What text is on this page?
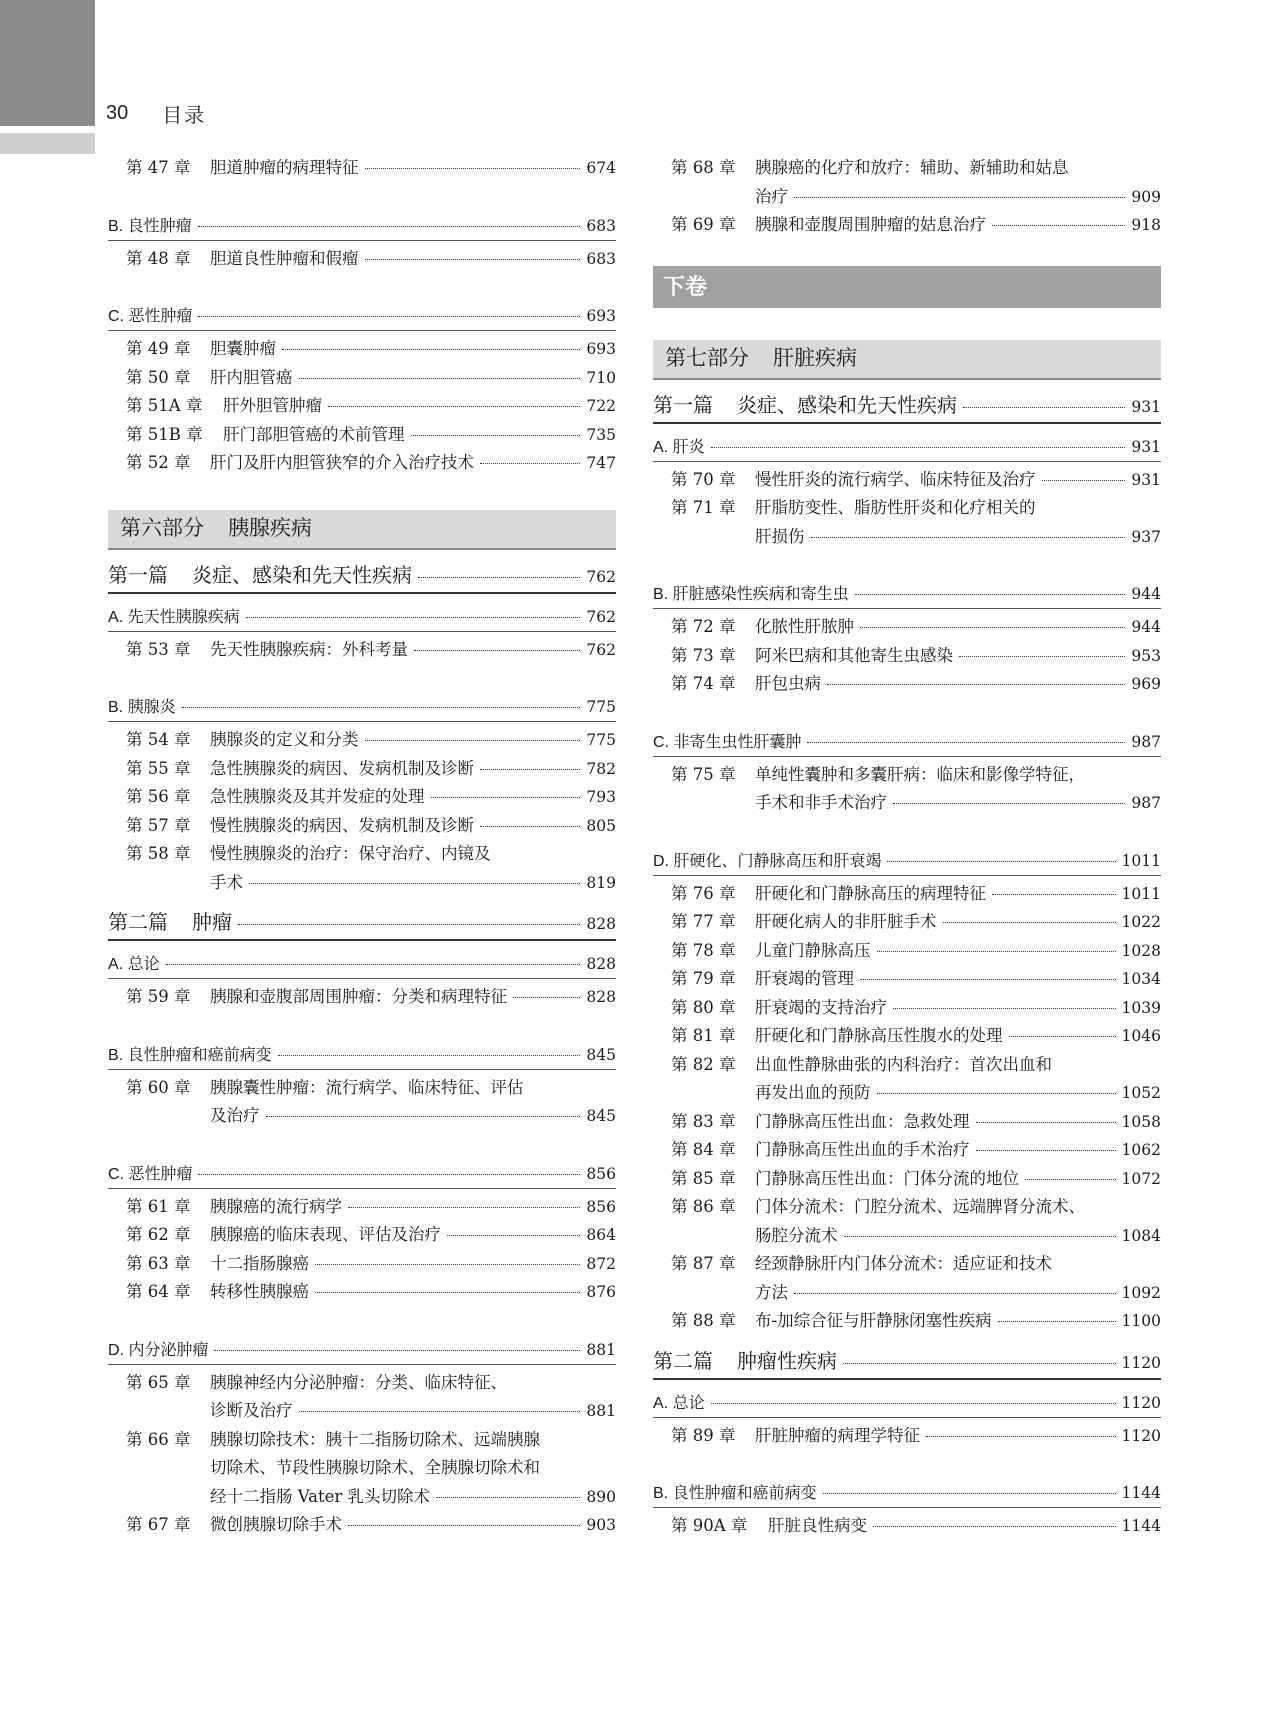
30 目录
第 47 章	胆道肿瘤的病理特征	674
B. 良性肿瘤	683
第 48 章	胆道良性肿瘤和假瘤	683
C. 恶性肿瘤	693
第 49 章	胆囊肿瘤	693
第 50 章	肝内胆管癌	710
第 51A 章	肝外胆管肿瘤	722
第 51B 章	肝门部胆管癌的术前管理	735
第 52 章	肝门及肝内胆管狭窄的介入治疗技术	747
第六部分 胰腺疾病
第一篇 炎症、感染和先天性疾病	762
A. 先天性胰腺疾病	762
第 53 章	先天性胰腺疾病：外科考量	762
B. 胰腺炎	775
第 54 章	胰腺炎的定义和分类	775
第 55 章	急性胰腺炎的病因、发病机制及诊断	782
第 56 章	急性胰腺炎及其并发症的处理	793
第 57 章	慢性胰腺炎的病因、发病机制及诊断	805
第 58 章	慢性胰腺炎的治疗：保守治疗、内镜及
手术	819
第二篇 肿瘤	828
A. 总论	828
第 59 章	胰腺和壶腹部周围肿瘤：分类和病理特征	828
B. 良性肿瘤和癌前病变	845
第 60 章	胰腺囊性肿瘤：流行病学、临床特征、评估
及治疗	845
C. 恶性肿瘤	856
第 61 章	胰腺癌的流行病学	856
第 62 章	胰腺癌的临床表现、评估及治疗	864
第 63 章	十二指肠腺癌	872
第 64 章	转移性胰腺癌	876
D. 内分泌肿瘤	881
第 65 章	胰腺神经内分泌肿瘤：分类、临床特征、
诊断及治疗	881
第 66 章	胰腺切除技术：胰十二指肠切除术、远端胰腺
切除术、节段性胰腺切除术、全胰腺切除术和
经十二指肠 Vater 乳头切除术	890
第 67 章	微创胰腺切除手术	903
第 68 章	胰腺癌的化疗和放疗：辅助、新辅助和姑息
治疗	909
第 69 章	胰腺和壶腹周围肿瘤的姑息治疗	918
下卷
第七部分 肝脏疾病
第一篇 炎症、感染和先天性疾病	931
A. 肝炎	931
第 70 章	慢性肝炎的流行病学、临床特征及治疗	931
第 71 章	肝脂肪变性、脂肪性肝炎和化疗相关的
肝损伤	937
B. 肝脏感染性疾病和寄生虫	944
第 72 章	化脓性肝脓肿	944
第 73 章	阿米巴病和其他寄生虫感染	953
第 74 章	肝包虫病	969
C. 非寄生虫性肝囊肿	987
第 75 章	单纯性囊肿和多囊肝病：临床和影像学特征，
手术和非手术治疗	987
D. 肝硬化、门静脉高压和肝衰竭	1011
第 76 章	肝硬化和门静脉高压的病理特征	1011
第 77 章	肝硬化病人的非肝脏手术	1022
第 78 章	儿童门静脉高压	1028
第 79 章	肝衰竭的管理	1034
第 80 章	肝衰竭的支持治疗	1039
第 81 章	肝硬化和门静脉高压性腹水的处理	1046
第 82 章	出血性静脉曲张的内科治疗：首次出血和
再发出血的预防	1052
第 83 章	门静脉高压性出血：急救处理	1058
第 84 章	门静脉高压性出血的手术治疗	1062
第 85 章	门静脉高压性出血：门体分流的地位	1072
第 86 章	门体分流术：门腔分流术、远端脾肾分流术、
肠腔分流术	1084
第 87 章	经颈静脉肝内门体分流术：适应证和技术
方法	1092
第 88 章	布-加综合征与肝静脉闭塞性疾病	1100
第二篇 肿瘤性疾病	1120
A. 总论	1120
第 89 章	肝脏肿瘤的病理学特征	1120
B. 良性肿瘤和癌前病变	1144
第 90A 章	肝脏良性病变	1144
